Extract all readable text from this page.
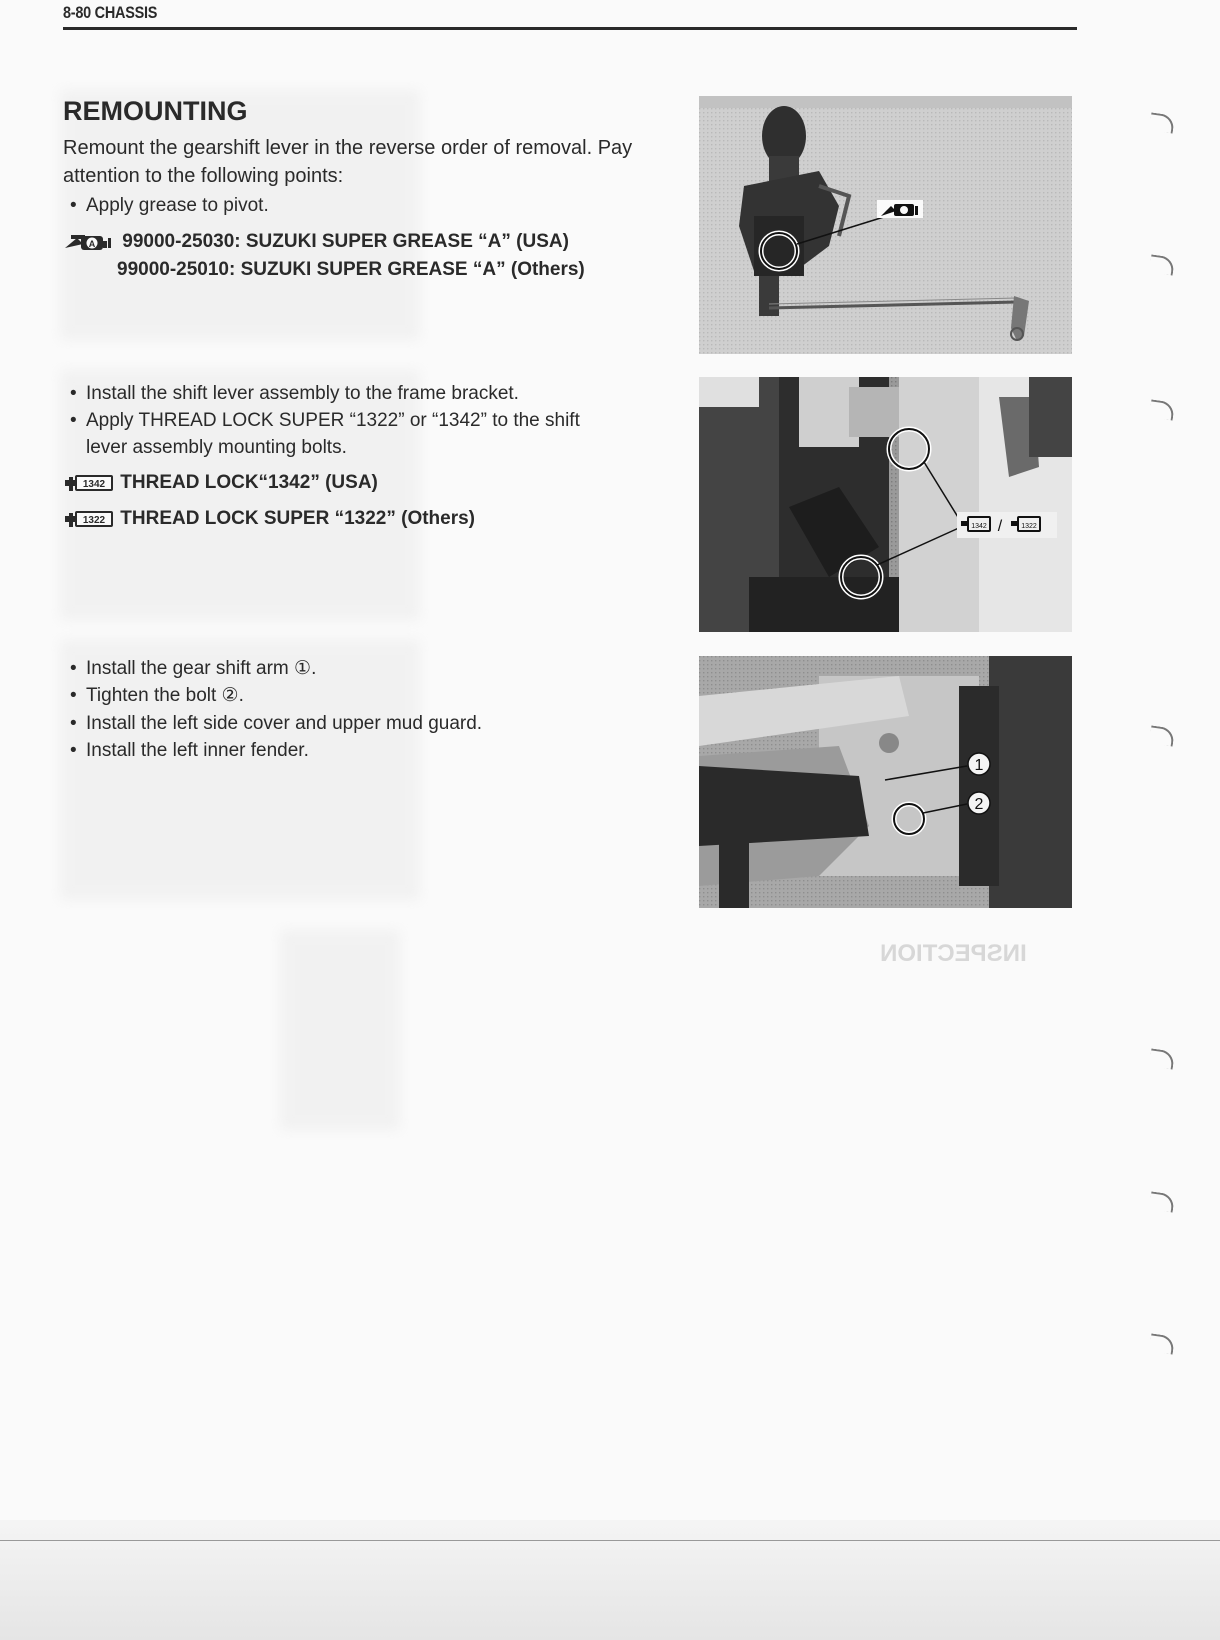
8-80 CHASSIS
REMOUNTING
Remount the gearshift lever in the reverse order of removal. Pay
attention to the following points:
• Apply grease to pivot.
A 99000-25030: SUZUKI SUPER GREASE “A” (USA)
99000-25010: SUZUKI SUPER GREASE “A” (Others)
• Install the shift lever assembly to the frame bracket.
• Apply THREAD LOCK SUPER “1322” or “1342” to the shift
lever assembly mounting bolts.
1342 THREAD LOCK“1342” (USA)
1322 THREAD LOCK SUPER “1322” (Others)	1342 /	1322
• Install the gear shift arm ①.
• Tighten the bolt ②.
• Install the left side cover and upper mud guard.
• Install the left inner fender.
1
2
INSPECTION
